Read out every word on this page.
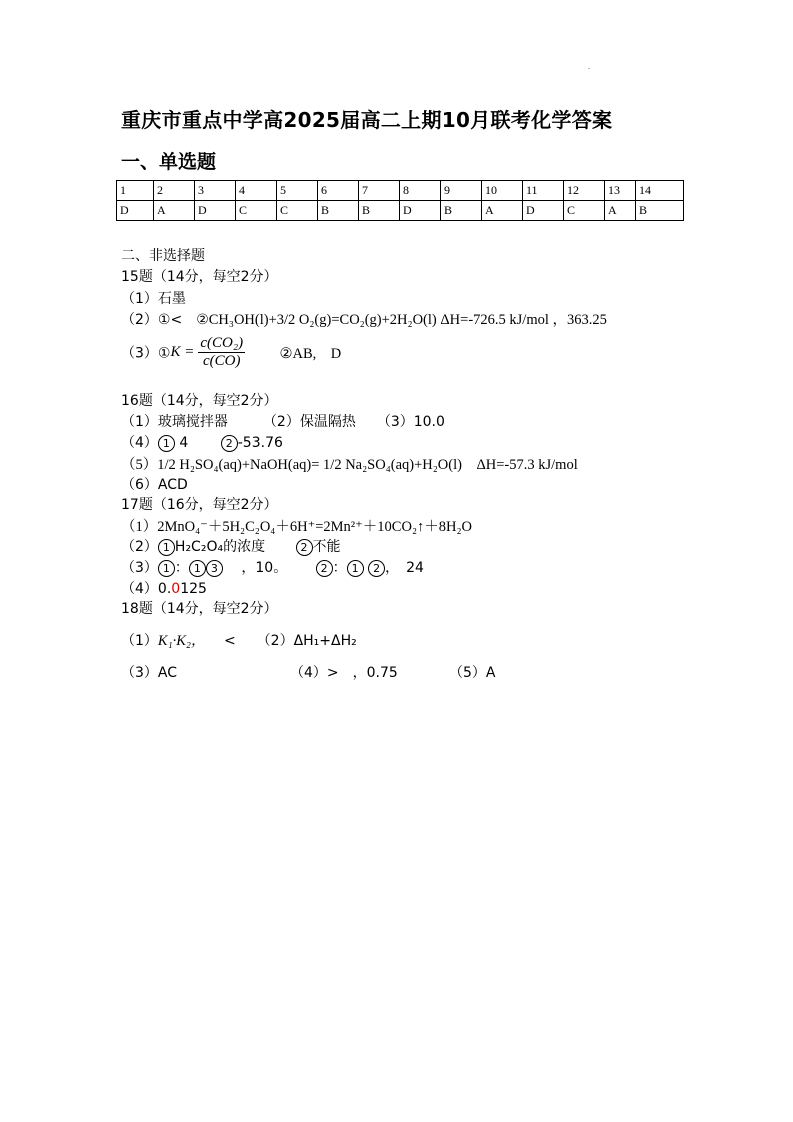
重庆市重点中学高2025届高二上期10月联考化学答案
一、单选题
1	2	3	4	5	6	7	8	9	10	11	12	13	14
D	A	D	C	C	B	B	D	B	A	D	C	A	B
二、非选择题
15题（14分，每空2分）
（1）石墨
（2）①<　②CH₃OH(l)+3/2 O₂(g)=CO₂(g)+2H₂O(l) ΔH=-726.5 kJ/mol ，363.25
（3）①K = $\frac{\text{c(CO₂)}}{c(CO)}$ ②AB,　D
16题（14分，每空2分）
（1）玻璃搅拌器　　　（2）保温隔热　　（3）10.0
（4） 1 4	2 -53.76
（5）1/2 H₂SO₄(aq)+NaOH(aq)= 1/2 Na₂SO₄(aq)+H₂O(l)　ΔH=-57.3 kJ/mol
（6）ACD
17题（16分，每空2分）
（1）2MnO₄⁻＋5H₂C₂O₄＋6H⁺=2Mn²⁺＋10CO₂↑＋8H₂O
（2） 1 H₂C₂O₄的浓度	2 不能
（3） 1 ： 1 3 ，10。	2 ： 1 2 ，　24
（4）0.0125
18题（14分，每空2分）
（1）K₁·K₂， <　　（2）ΔH₁+ΔH₂
（3）AC	（4）>　，0.75	（5）A
